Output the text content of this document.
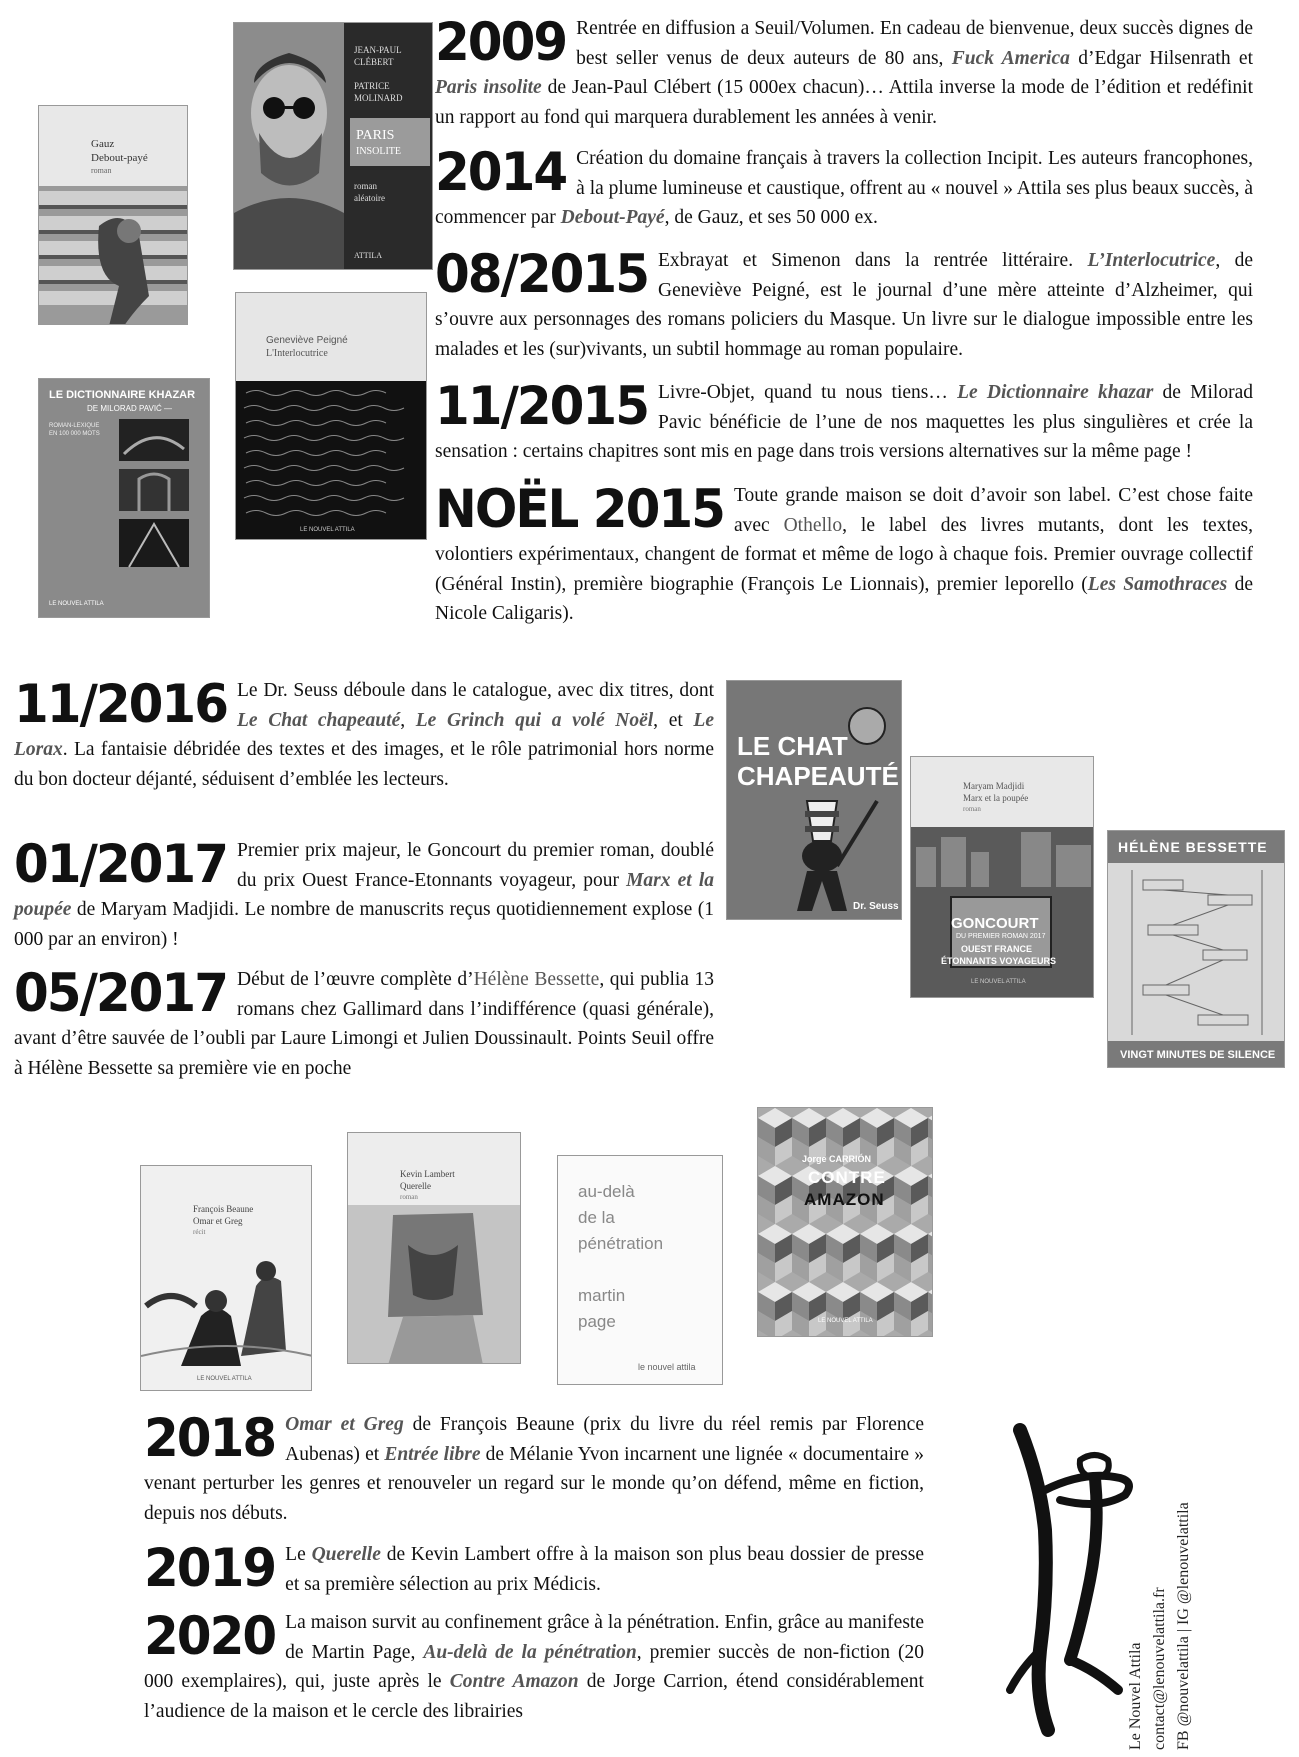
Gauz
Debout-payé
roman
JEAN-PAUL
CLÉBERT
PATRICE
MOLINARD
PARIS
INSOLITE
roman
aléatoire
ATTILA
LE DICTIONNAIRE KHAZAR
DE MILORAD PAVIĆ —
ROMAN-LEXIQUE
EN 100 000 MOTS
LE NOUVEL ATTILA
Geneviève Peigné
L'Interlocutrice
LE NOUVEL ATTILA
2009 Rentrée en diffusion a Seuil/Volumen. En cadeau de bienvenue, deux succès dignes de best seller venus de deux auteurs de 80 ans, Fuck America d’Edgar Hilsenrath et Paris insolite de Jean-Paul Clébert (15 000ex chacun)… Attila inverse la mode de l’édition et redéfinit un rapport au fond qui marquera durablement les années à venir.
2014 Création du domaine français à travers la collection Incipit. Les auteurs francophones, à la plume lumineuse et caustique, offrent au « nouvel » Attila ses plus beaux succès, à commencer par Debout-Payé, de Gauz, et ses 50 000 ex.
08/2015 Exbrayat et Simenon dans la rentrée littéraire. L’Interlocutrice, de Geneviève Peigné, est le journal d’une mère atteinte d’Alzheimer, qui s’ouvre aux personnages des romans policiers du Masque. Un livre sur le dialogue impossible entre les malades et les (sur)vivants, un subtil hommage au roman populaire.
11/2015 Livre-Objet, quand tu nous tiens… Le Dictionnaire khazar de Milorad Pavic bénéficie de l’une de nos maquettes les plus singulières et crée la sensation : certains chapitres sont mis en page dans trois versions alternatives sur la même page !
NOËL 2015 Toute grande maison se doit d’avoir son label. C’est chose faite avec Othello, le label des livres mutants, dont les textes, volontiers expérimentaux, changent de format et même de logo à chaque fois. Premier ouvrage collectif (Général Instin), première biographie (François Le Lionnais), premier leporello (Les Samothraces de Nicole Caligaris).
11/2016 Le Dr. Seuss déboule dans le catalogue, avec dix titres, dont Le Chat chapeauté, Le Grinch qui a volé Noël, et Le Lorax. La fantaisie débridée des textes et des images, et le rôle patrimonial hors norme du bon docteur déjanté, séduisent d’emblée les lecteurs.
01/2017 Premier prix majeur, le Goncourt du premier roman, doublé du prix Ouest France-Etonnants voyageur, pour Marx et la poupée de Maryam Madjidi. Le nombre de manuscrits reçus quotidiennement explose (1 000 par an environ) !
05/2017 Début de l’œuvre complète d’Hélène Bessette, qui publia 13 romans chez Gallimard dans l’indifférence (quasi générale), avant d’être sauvée de l’oubli par Laure Limongi et Julien Doussinault. Points Seuil offre à Hélène Bessette sa première vie en poche
LE CHAT
CHAPEAUTÉ
Dr. Seuss
Maryam Madjidi
Marx et la poupée
roman
GONCOURT
DU PREMIER ROMAN 2017
OUEST FRANCE
ÉTONNANTS VOYAGEURS
LE NOUVEL ATTILA
HÉLÈNE BESSETTE
VINGT MINUTES DE SILENCE
François Beaune
Omar et Greg
récit
LE NOUVEL ATTILA
Kevin Lambert
Querelle
roman	au-delà
de la
pénétration
martin
page
le nouvel attila
Jorge CARRIÓN
CONTRE
AMAZON
LE NOUVEL ATTILA
2018 Omar et Greg de François Beaune (prix du livre du réel remis par Florence Aubenas) et Entrée libre de Mélanie Yvon incarnent une lignée « documentaire » venant perturber les genres et renouveler un regard sur le monde qu’on défend, même en fiction, depuis nos débuts.
2019 Le Querelle de Kevin Lambert offre à la maison son plus beau dossier de presse et sa première sélection au prix Médicis.
2020 La maison survit au confinement grâce à la pénétration. Enfin, grâce au manifeste de Martin Page, Au-delà de la pénétration, premier succès de non-fiction (20 000 exemplaires), qui, juste après le Contre Amazon de Jorge Carrion, étend considérablement l’audience de la maison et le cercle des librairies	Le Nouvel Attila contact@lenouvelattila.fr FB @nouvelattila | IG @lenouvelattila
